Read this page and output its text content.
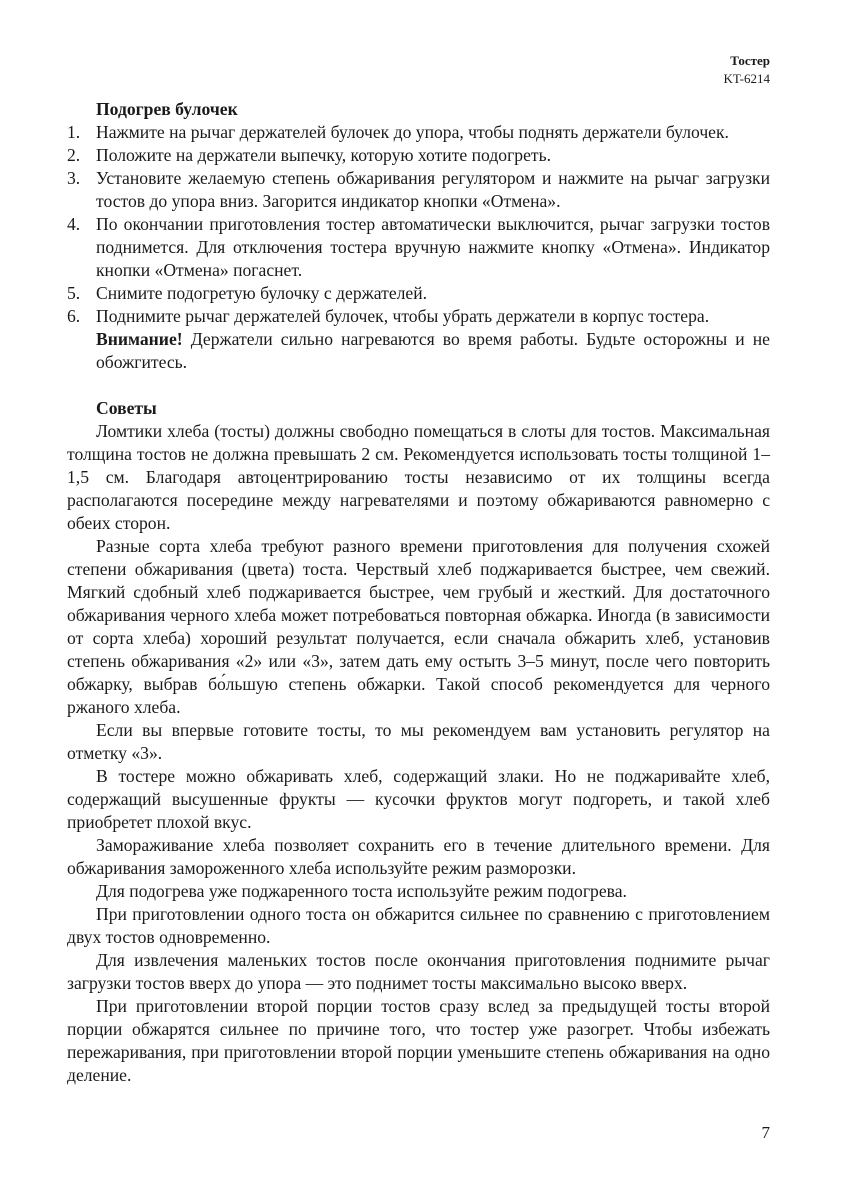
Тостер
KT-6214
Подогрев булочек
1. Нажмите на рычаг держателей булочек до упора, чтобы поднять держатели булочек.
2. Положите на держатели выпечку, которую хотите подогреть.
3. Установите желаемую степень обжаривания регулятором и нажмите на рычаг загрузки тостов до упора вниз. Загорится индикатор кнопки «Отмена».
4. По окончании приготовления тостер автоматически выключится, рычаг загрузки тостов поднимется. Для отключения тостера вручную нажмите кнопку «Отмена». Индикатор кнопки «Отмена» погаснет.
5. Снимите подогретую булочку с держателей.
6. Поднимите рычаг держателей булочек, чтобы убрать держатели в корпус тостера.
Внимание! Держатели сильно нагреваются во время работы. Будьте осторожны и не обожгитесь.
Советы

Ломтики хлеба (тосты) должны свободно помещаться в слоты для тостов. Максимальная толщина тостов не должна превышать 2 см. Рекомендуется использовать тосты толщиной 1–1,5 см. Благодаря автоцентрированию тосты независимо от их толщины всегда располагаются посередине между нагревателями и поэтому обжариваются равномерно с обеих сторон.

Разные сорта хлеба требуют разного времени приготовления для получения схожей степени обжаривания (цвета) тоста. Черствый хлеб поджаривается быстрее, чем свежий. Мягкий сдобный хлеб поджаривается быстрее, чем грубый и жесткий. Для достаточного обжаривания черного хлеба может потребоваться повторная обжарка. Иногда (в зависимости от сорта хлеба) хороший результат получается, если сначала обжарить хлеб, установив степень обжаривания «2» или «3», затем дать ему остыть 3–5 минут, после чего повторить обжарку, выбрав бо́льшую степень обжарки. Такой способ рекомендуется для черного ржаного хлеба.

Если вы впервые готовите тосты, то мы рекомендуем вам установить регулятор на отметку «3».

В тостере можно обжаривать хлеб, содержащий злаки. Но не поджаривайте хлеб, содержащий высушенные фрукты — кусочки фруктов могут подгореть, и такой хлеб приобретет плохой вкус.

Замораживание хлеба позволяет сохранить его в течение длительного времени. Для обжаривания замороженного хлеба используйте режим разморозки.

Для подогрева уже поджаренного тоста используйте режим подогрева.

При приготовлении одного тоста он обжарится сильнее по сравнению с приготовлением двух тостов одновременно.

Для извлечения маленьких тостов после окончания приготовления поднимите рычаг загрузки тостов вверх до упора — это поднимет тосты максимально высоко вверх.

При приготовлении второй порции тостов сразу вслед за предыдущей тосты второй порции обжарятся сильнее по причине того, что тостер уже разогрет. Чтобы избежать пережаривания, при приготовлении второй порции уменьшите степень обжаривания на одно деление.

7
